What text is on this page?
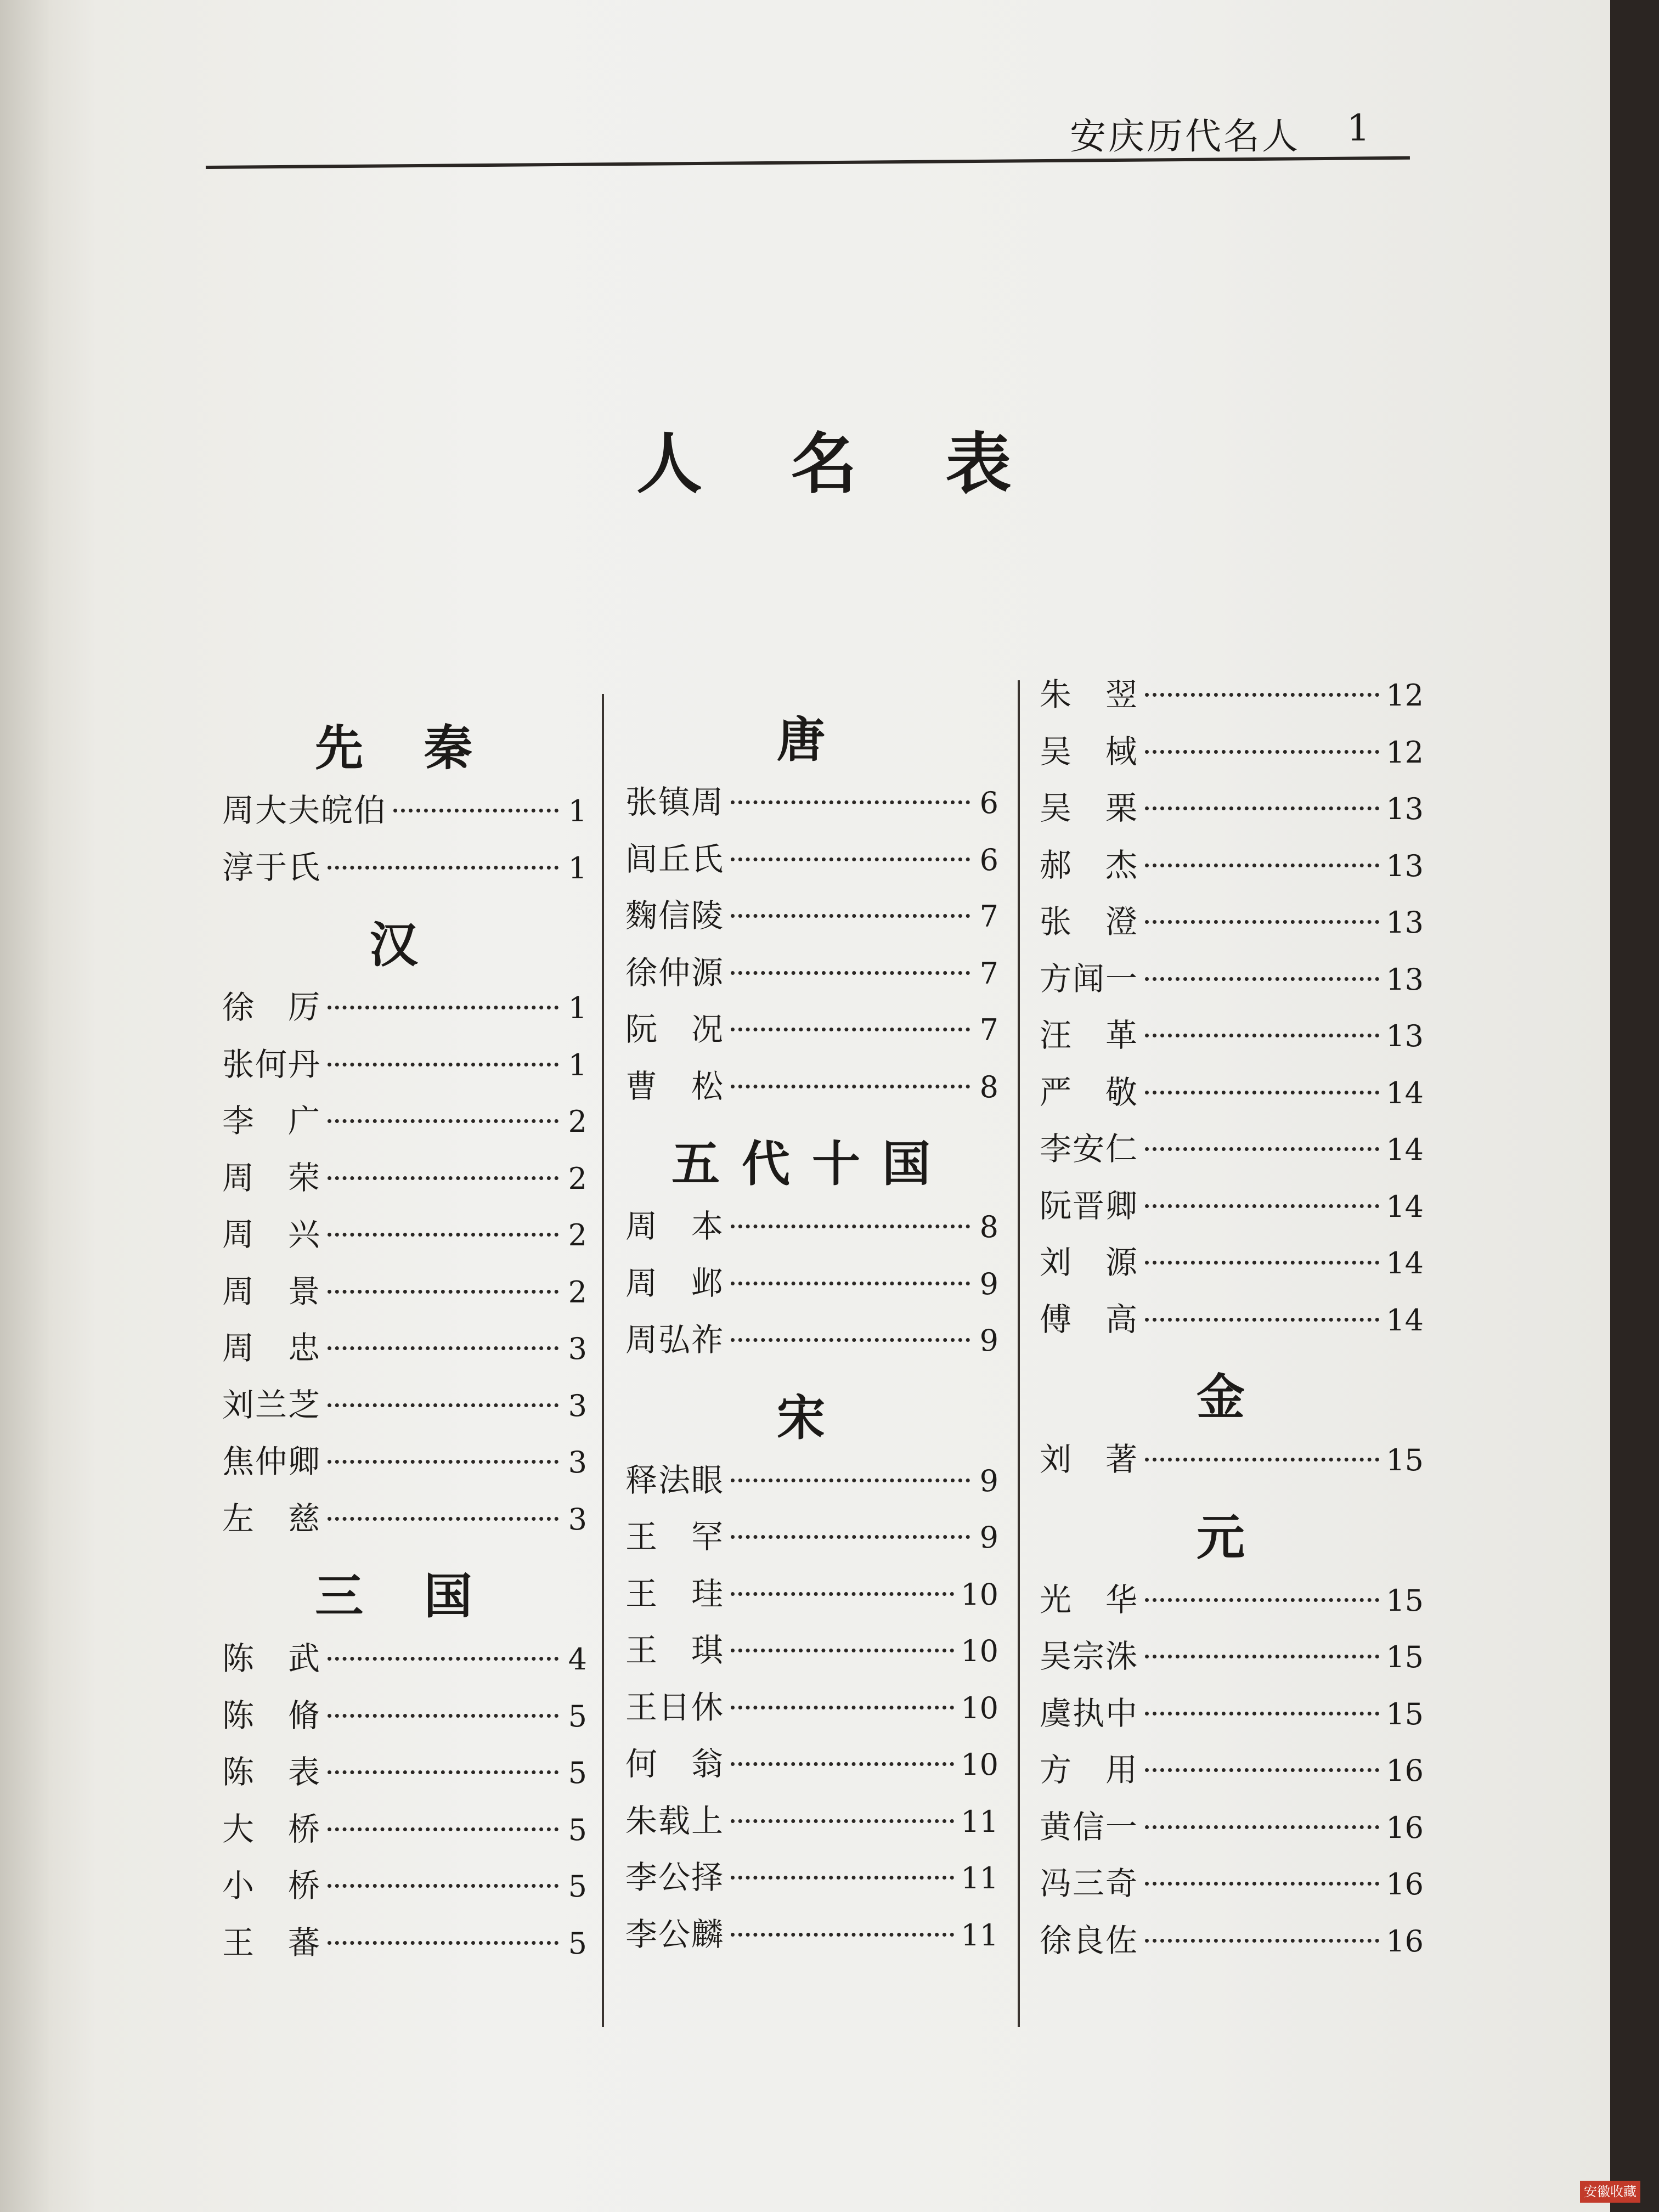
安庆历代名人 1
人 名 表
先 秦
周大夫皖伯	1
淳于氏	1
汉
徐　厉	1
张何丹	1
李　广	2
周　荣	2
周　兴	2
周　景	2
周　忠	3
刘兰芝	3
焦仲卿	3
左　慈	3
三 国
陈　武	4
陈　脩	5
陈　表	5
大　桥	5
小　桥	5
王　蕃	5
唐
张镇周	6
闾丘氏	6
麴信陵	7
徐仲源	7
阮　况	7
曹　松	8
五代十国
周　本	8
周　邺	9
周弘祚	9
宋
释法眼	9
王　罕	9
王　珪	10
王　琪	10
王日休	10
何　翁	10
朱载上	11
李公择	11
李公麟	11
朱　翌	12
吴　棫	12
吴　栗	13
郝　杰	13
张　澄	13
方闻一	13
汪　革	13
严　敬	14
李安仁	14
阮晋卿	14
刘　源	14
傅　高	14
金
刘　著	15
元
光　华	15
吴宗洙	15
虞执中	15
方　用	16
黄信一	16
冯三奇	16
徐良佐	16
安徽收藏
